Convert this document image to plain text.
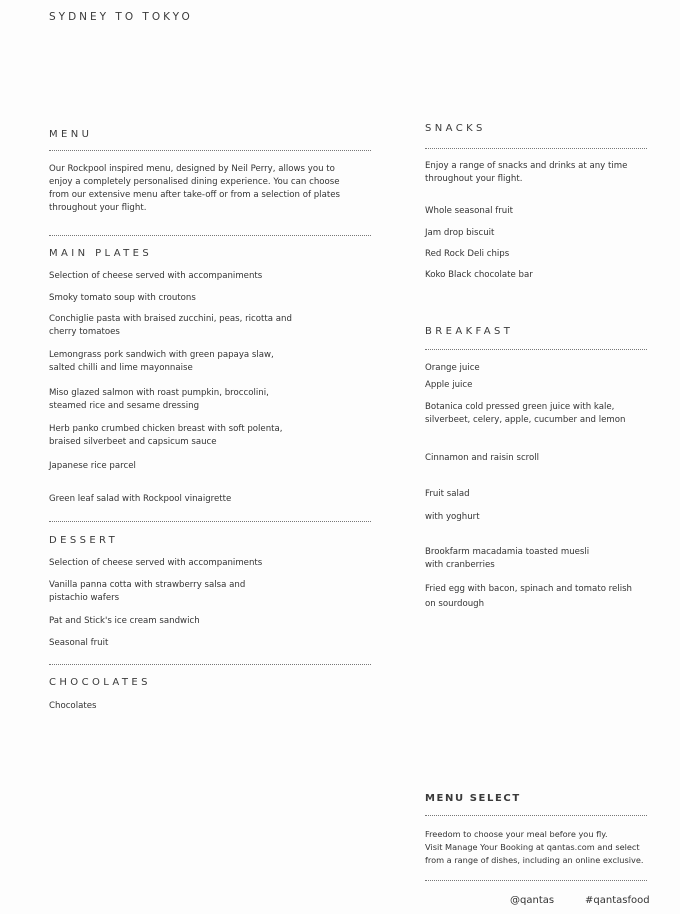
SYDNEY TO TOKYO
MENU
Our Rockpool inspired menu, designed by Neil Perry, allows you to
enjoy a completely personalised dining experience. You can choose
from our extensive menu after take-off or from a selection of plates
throughout your flight.
MAIN PLATES
Selection of cheese served with accompaniments
Smoky tomato soup with croutons
Conchiglie pasta with braised zucchini, peas, ricotta and
cherry tomatoes
Lemongrass pork sandwich with green papaya slaw,
salted chilli and lime mayonnaise
Miso glazed salmon with roast pumpkin, broccolini,
steamed rice and sesame dressing
Herb panko crumbed chicken breast with soft polenta,
braised silverbeet and capsicum sauce
Japanese rice parcel
Green leaf salad with Rockpool vinaigrette
DESSERT
Selection of cheese served with accompaniments
Vanilla panna cotta with strawberry salsa and
pistachio wafers
Pat and Stick's ice cream sandwich
Seasonal fruit
CHOCOLATES
Chocolates
SNACKS
Enjoy a range of snacks and drinks at any time
throughout your flight.
Whole seasonal fruit
Jam drop biscuit
Red Rock Deli chips
Koko Black chocolate bar
BREAKFAST
Orange juice
Apple juice
Botanica cold pressed green juice with kale,
silverbeet, celery, apple, cucumber and lemon
Cinnamon and raisin scroll
Fruit salad
with yoghurt
Brookfarm macadamia toasted muesli
with cranberries
Fried egg with bacon, spinach and tomato relish
on sourdough
MENU SELECT
Freedom to choose your meal before you fly.
Visit Manage Your Booking at qantas.com and select
from a range of dishes, including an online exclusive.
@qantas	#qantasfood
